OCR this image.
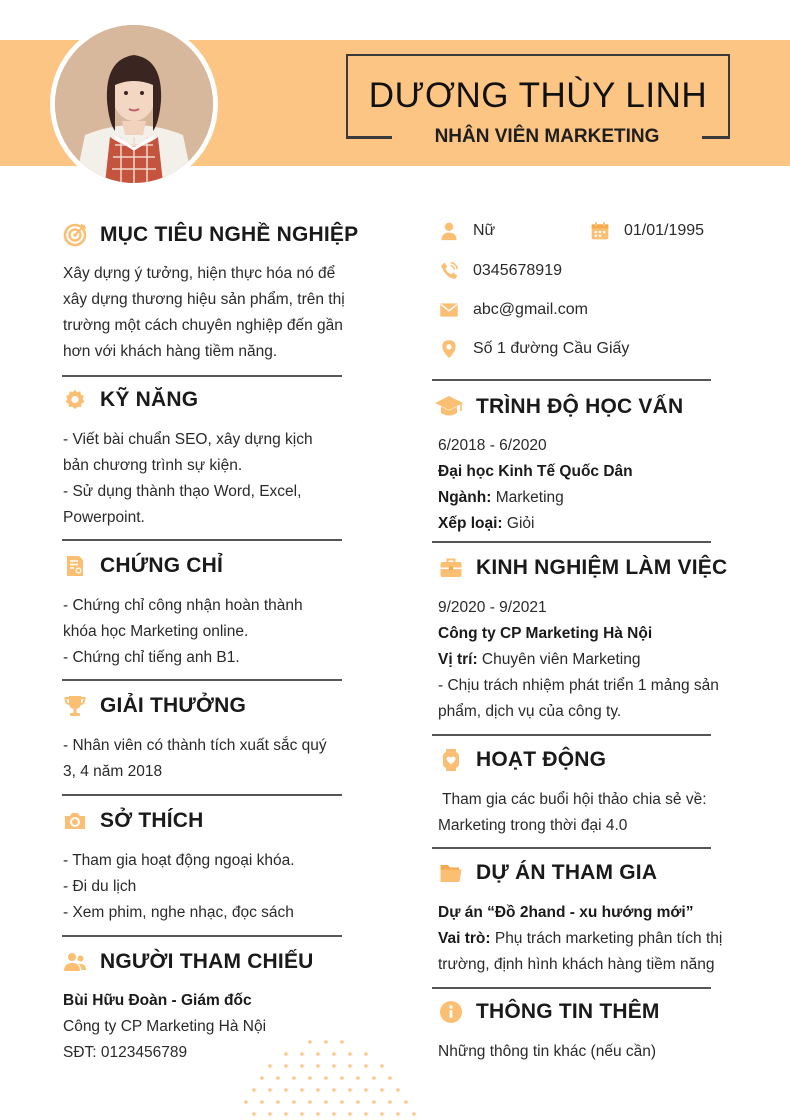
DƯƠNG THÙY LINH
NHÂN VIÊN MARKETING
MỤC TIÊU NGHỀ NGHIỆP
Xây dựng ý tưởng, hiện thực hóa nó để
xây dựng thương hiệu sản phẩm, trên thị
trường một cách chuyên nghiệp đến gần
hơn với khách hàng tiềm năng.
KỸ NĂNG
- Viết bài chuẩn SEO, xây dựng kịch
bản chương trình sự kiện.
- Sử dụng thành thạo Word, Excel,
Powerpoint.
CHỨNG CHỈ
- Chứng chỉ công nhận hoàn thành
khóa học Marketing online.
- Chứng chỉ tiếng anh B1.
GIẢI THƯỞNG
- Nhân viên có thành tích xuất sắc quý
3, 4 năm 2018
SỞ THÍCH
- Tham gia hoạt động ngoại khóa.
- Đi du lịch
- Xem phim, nghe nhạc, đọc sách
NGƯỜI THAM CHIẾU
Bùi Hữu Đoàn - Giám đốc
Công ty CP Marketing Hà Nội
SĐT: 0123456789
Nữ	01/01/1995
0345678919
abc@gmail.com
Số 1 đường Cầu Giấy
TRÌNH ĐỘ HỌC VẤN
6/2018 - 6/2020
Đại học Kinh Tế Quốc Dân
Ngành: Marketing
Xếp loại: Giỏi
KINH NGHIỆM LÀM VIỆC
9/2020 - 9/2021
Công ty CP Marketing Hà Nội
Vị trí: Chuyên viên Marketing
- Chịu trách nhiệm phát triển 1 mảng sản
phẩm, dịch vụ của công ty.
HOẠT ĐỘNG
Tham gia các buổi hội thảo chia sẻ về:
Marketing trong thời đại 4.0
DỰ ÁN THAM GIA
Dự án “Đồ 2hand - xu hướng mới”
Vai trò: Phụ trách marketing phân tích thị
trường, định hình khách hàng tiềm năng
THÔNG TIN THÊM
Những thông tin khác (nếu cần)
